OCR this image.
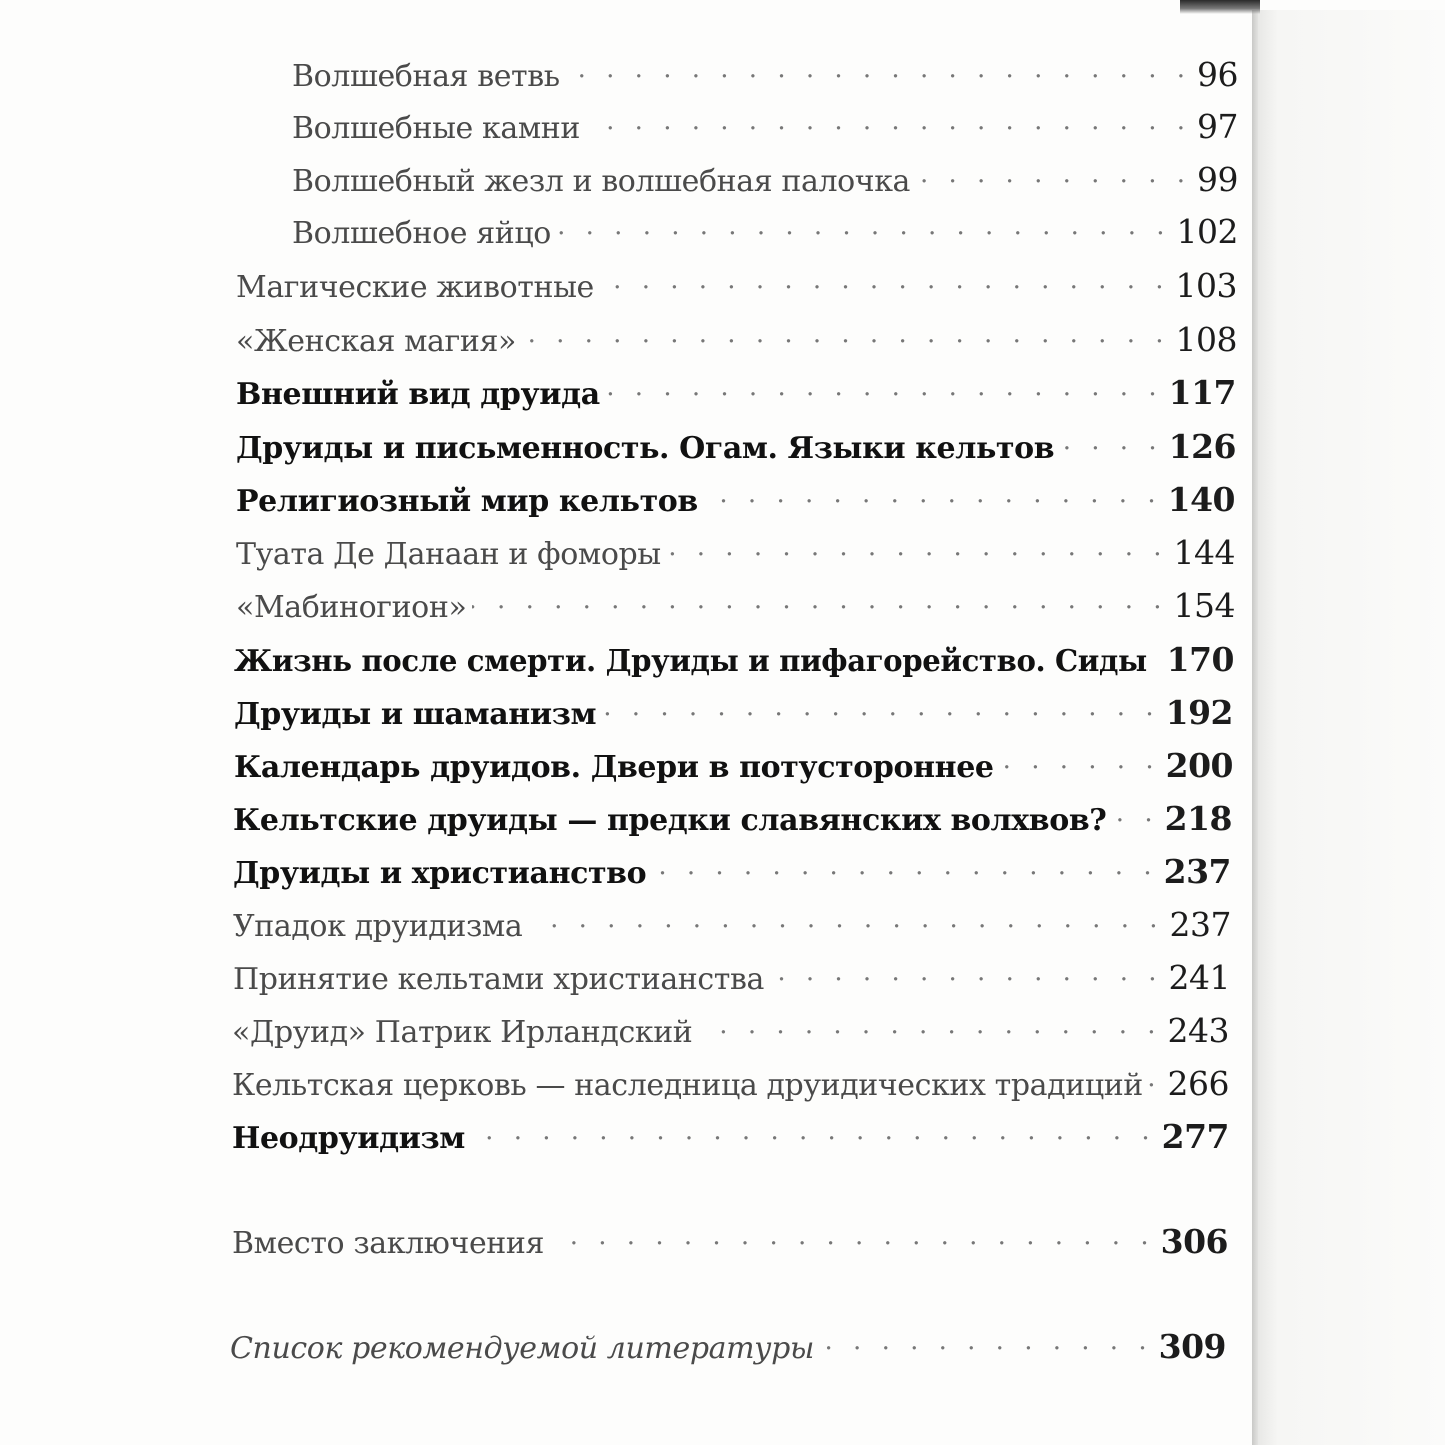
Волшебная ветвь . . .	96
Волшебные камни . . .	97
Волшебный жезл и волшебная палочка . . .	99
Волшебное яйцо . . .	102
Магические животные . . .	103
«Женская магия» . . .	108
Внешний вид друида . . .	117
Друиды и письменность. Огам. Языки кельтов . . .	126
Религиозный мир кельтов . . .	140
Туата Де Данаан и фоморы . . .	144
«Мабиногион» . . .	154
Жизнь после смерти. Друиды и пифагорейство. Сиды . . . 170
Друиды и шаманизм . . .	192
Календарь друидов. Двери в потустороннее . . .	200
Кельтские друиды — предки славянских волхвов? . . . 218
Друиды и христианство . . .	237
Упадок друидизма . . .	237
Принятие кельтами христианства . . .	241
«Друид» Патрик Ирландский . . .	243
Кельтская церковь — наследница друидических традиций . . . 266
Неодруидизм . . .	277
Вместо заключения . . .	306
Список рекомендуемой литературы . . .	309
